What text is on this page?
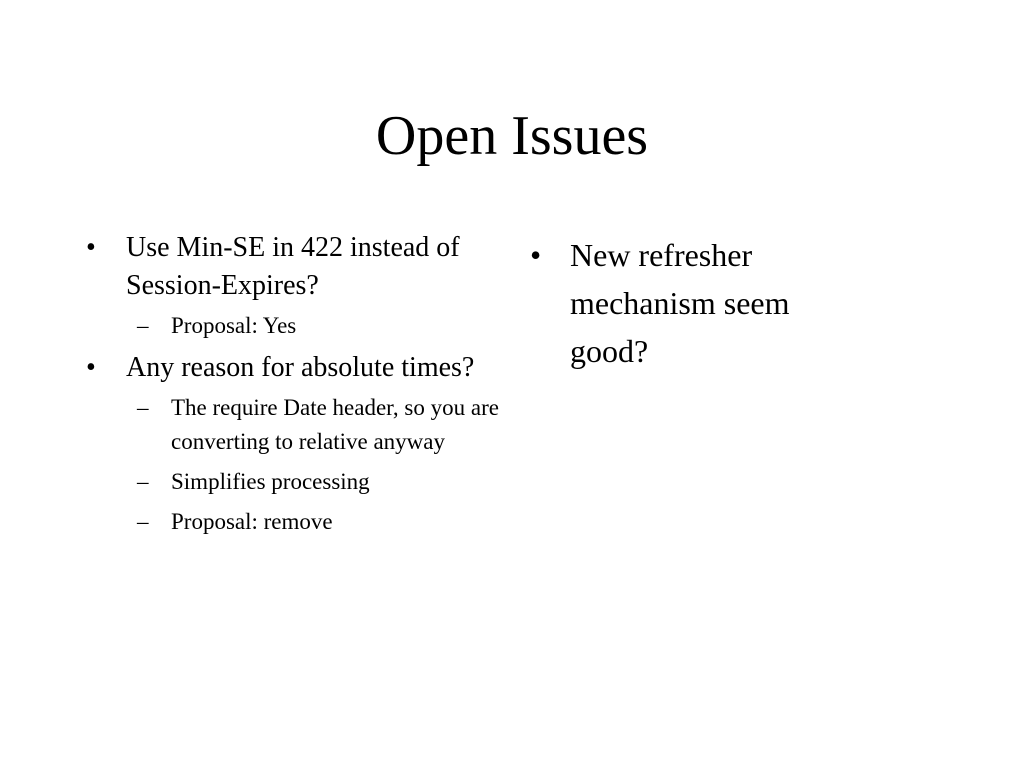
Open Issues
•	Use Min-SE in 422 instead of Session-Expires?
– Proposal: Yes
•	Any reason for absolute times?
– The require Date header, so you are converting to relative anyway
– Simplifies processing
– Proposal: remove
• New refresher mechanism seem good?
